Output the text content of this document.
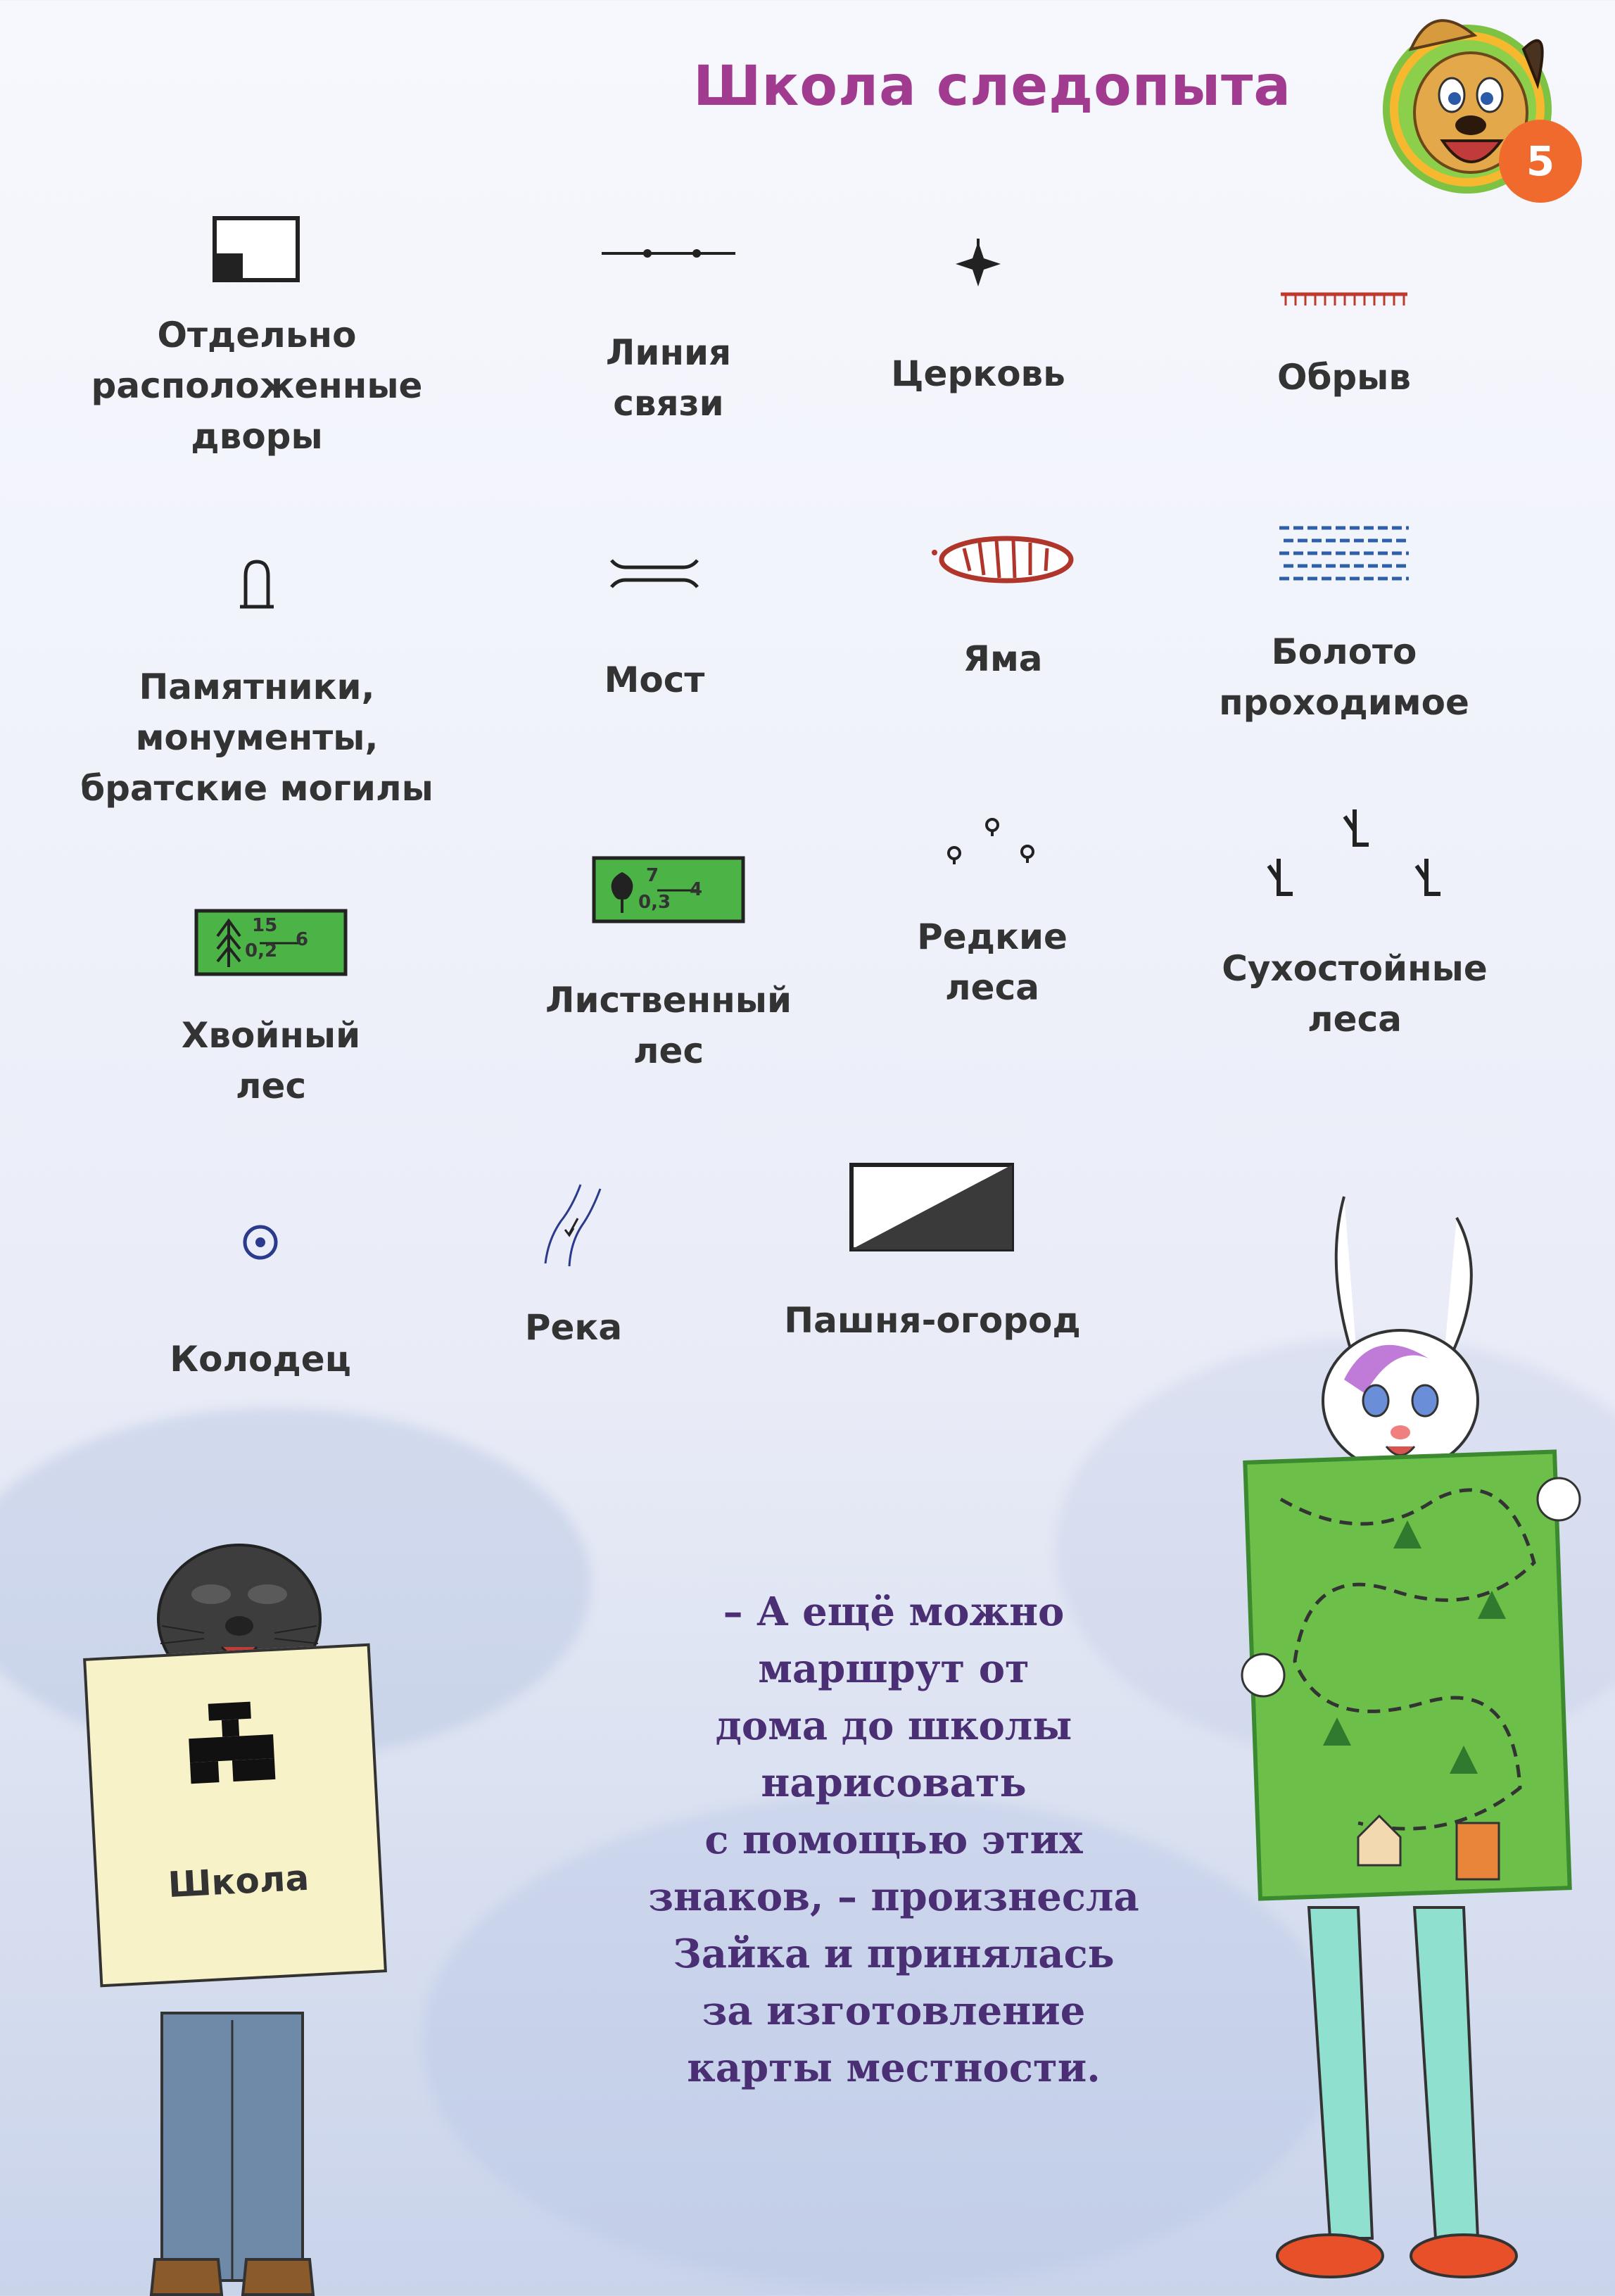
Школа следопыта
5
Отдельно
расположенные
дворы
Линия
связи
Церковь	Обрыв
Памятники,
монументы,
братские могилы
Мост
Яма	Болото
проходимое
15
0,2
6
Хвойный
лес
7
0,3
4
Лиственный
лес
Редкие
леса	Сухостойные
леса
Колодец
Река	Пашня-огород
Школа
– А ещё можно
маршрут от
дома до школы
нарисовать
с помощью этих
знаков, – произнесла
Зайка и принялась
за изготовление
карты местности.
